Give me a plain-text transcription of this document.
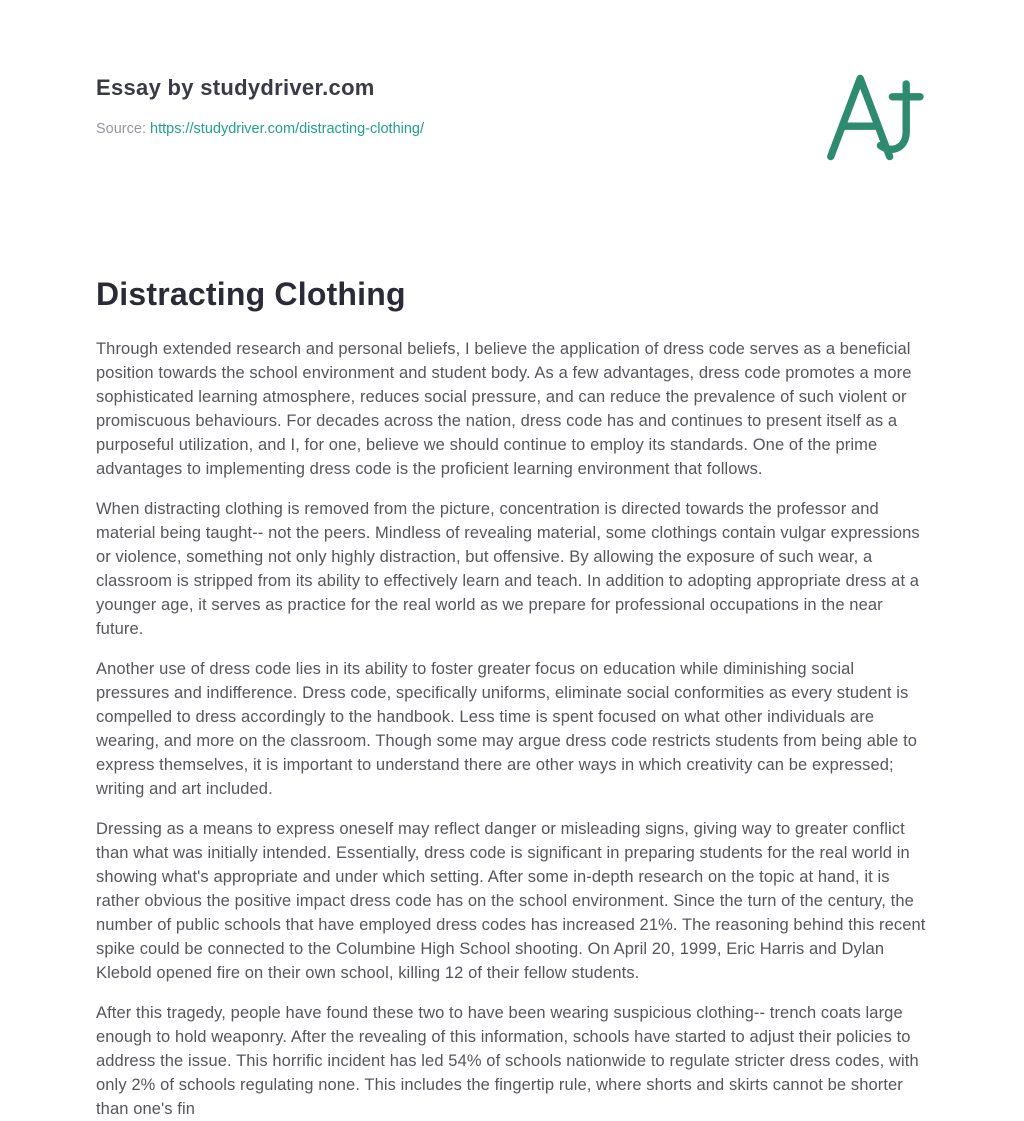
Essay by studydriver.com
Source: https://studydriver.com/distracting-clothing/
Distracting Clothing

Through extended research and personal beliefs, I believe the application of dress code serves as a beneficial position towards the school environment and student body. As a few advantages, dress code promotes a more sophisticated learning atmosphere, reduces social pressure, and can reduce the prevalence of such violent or promiscuous behaviours. For decades across the nation, dress code has and continues to present itself as a purposeful utilization, and I, for one, believe we should continue to employ its standards. One of the prime advantages to implementing dress code is the proficient learning environment that follows.

When distracting clothing is removed from the picture, concentration is directed towards the professor and material being taught-- not the peers. Mindless of revealing material, some clothings contain vulgar expressions or violence, something not only highly distraction, but offensive. By allowing the exposure of such wear, a classroom is stripped from its ability to effectively learn and teach. In addition to adopting appropriate dress at a younger age, it serves as practice for the real world as we prepare for professional occupations in the near future.

Another use of dress code lies in its ability to foster greater focus on education while diminishing social pressures and indifference. Dress code, specifically uniforms, eliminate social conformities as every student is compelled to dress accordingly to the handbook. Less time is spent focused on what other individuals are wearing, and more on the classroom. Though some may argue dress code restricts students from being able to express themselves, it is important to understand there are other ways in which creativity can be expressed; writing and art included.

Dressing as a means to express oneself may reflect danger or misleading signs, giving way to greater conflict than what was initially intended. Essentially, dress code is significant in preparing students for the real world in showing what's appropriate and under which setting. After some in-depth research on the topic at hand, it is rather obvious the positive impact dress code has on the school environment. Since the turn of the century, the number of public schools that have employed dress codes has increased 21%. The reasoning behind this recent spike could be connected to the Columbine High School shooting. On April 20, 1999, Eric Harris and Dylan Klebold opened fire on their own school, killing 12 of their fellow students.

After this tragedy, people have found these two to have been wearing suspicious clothing-- trench coats large enough to hold weaponry. After the revealing of this information, schools have started to adjust their policies to address the issue. This horrific incident has led 54% of schools nationwide to regulate stricter dress codes, with only 2% of schools regulating none. This includes the fingertip rule, where shorts and skirts cannot be shorter than one's fin
